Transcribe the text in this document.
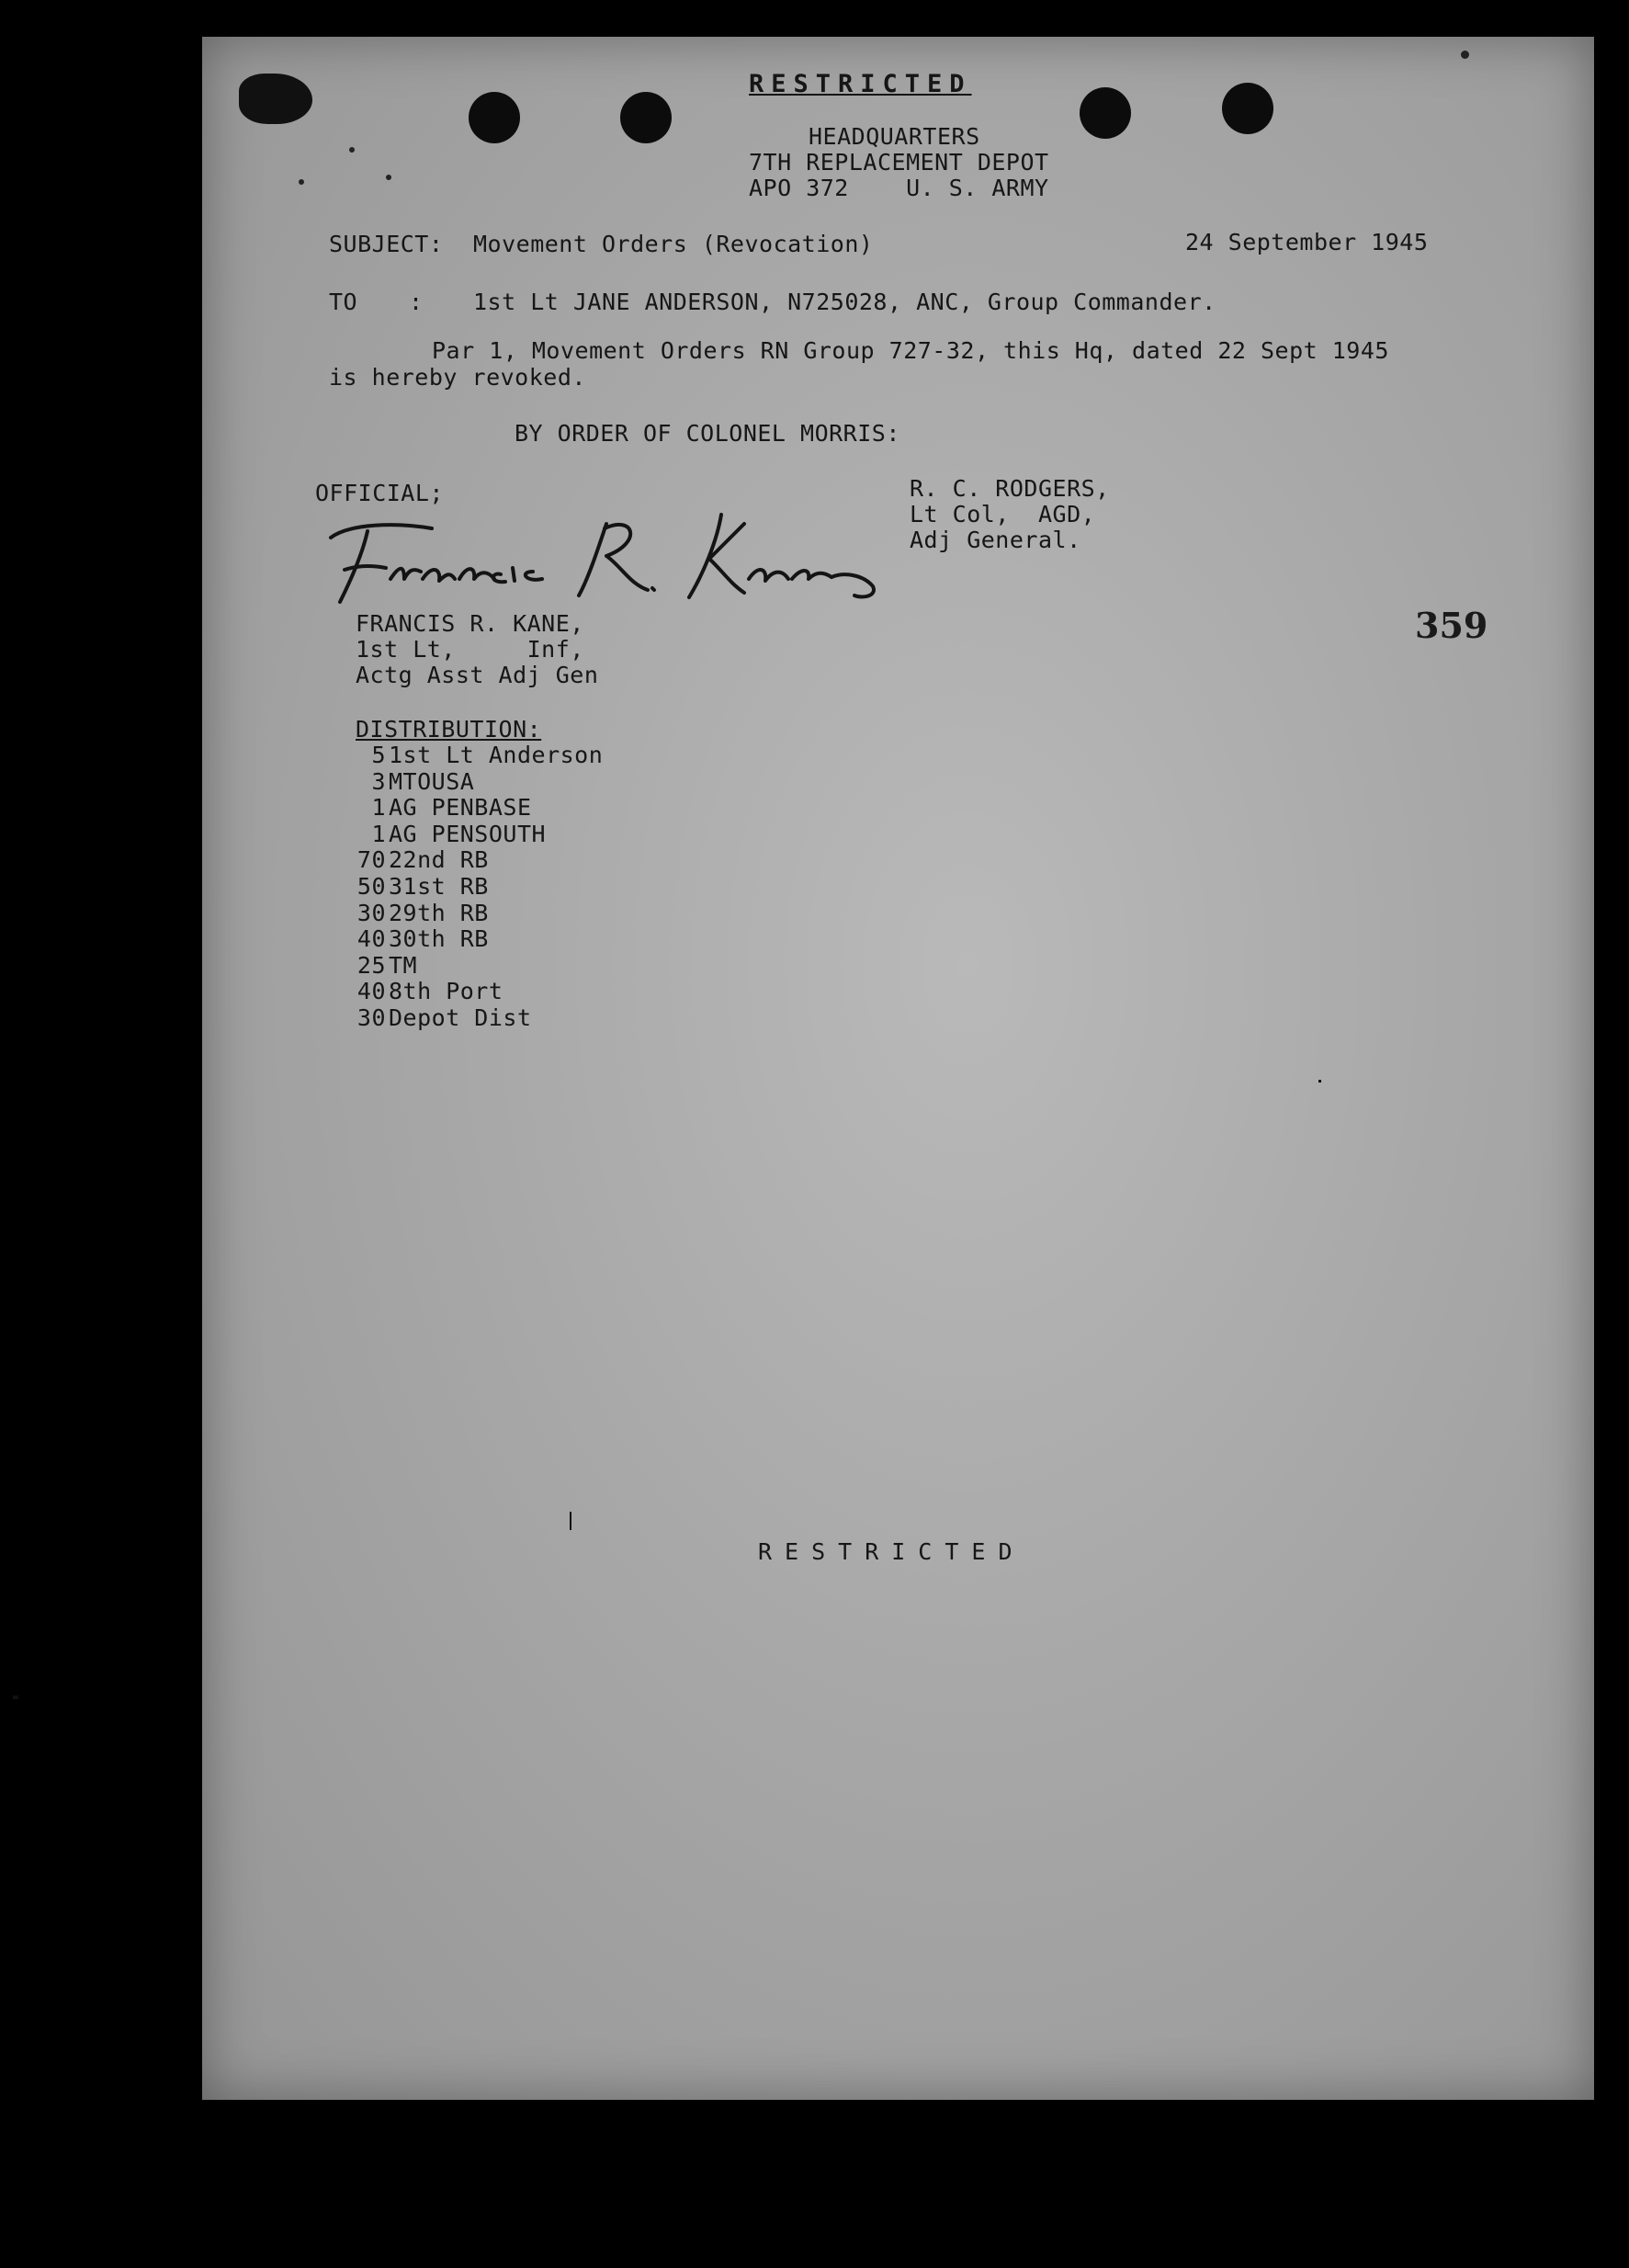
RESTRICTED
HEADQUARTERS
7TH REPLACEMENT DEPOT
APO 372    U. S. ARMY
SUBJECT: Movement Orders (Revocation)	24 September 1945
TO : 1st Lt JANE ANDERSON, N725028, ANC, Group Commander.
Par 1, Movement Orders RN Group 727-32, this Hq, dated 22 Sept 1945
is hereby revoked.
BY ORDER OF COLONEL MORRIS:
OFFICIAL;	R. C. RODGERS,
Lt Col,  AGD,
Adj General.
FRANCIS R. KANE,
1st Lt,     Inf,
Actg Asst Adj Gen
359
DISTRIBUTION:
5 1st Lt Anderson
3 MTOUSA
1 AG PENBASE
1 AG PENSOUTH
70 22nd RB
50 31st RB
30 29th RB
40 30th RB
25 TM
40 8th Port
30 Depot Dist
RESTRICTED
